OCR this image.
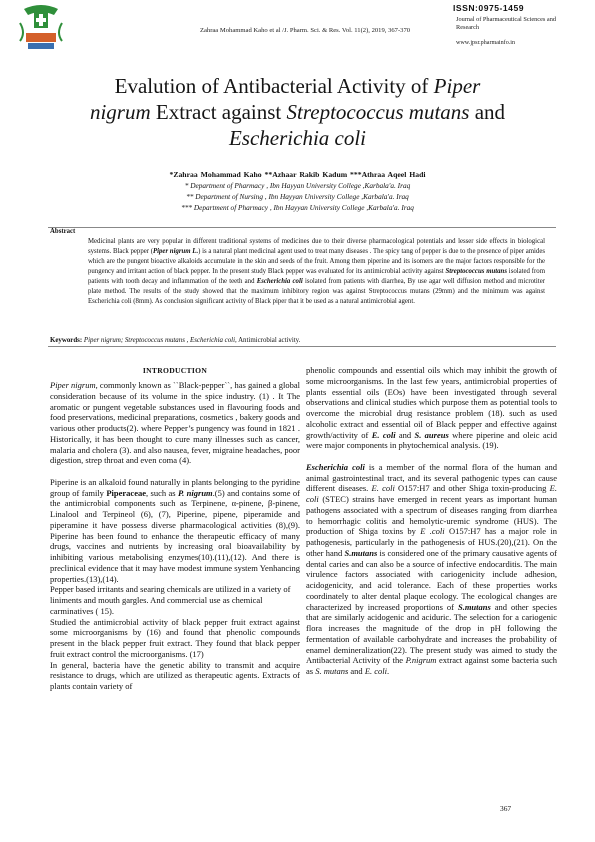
Zahraa Mohammad Kaho et al /J. Pharm. Sci. & Res. Vol. 11(2), 2019, 367-370
ISSN:0975-1459
Journal of Pharmaceutical Sciences and Research
www.jpsr.pharmainfo.in
Evalution of Antibacterial Activity of Piper
nigrum Extract against Streptococcus mutans and
Escherichia coli
*Zahraa Mohammad Kaho **Azhaar Rakib Kadum ***Athraa Aqeel Hadi
* Department of Pharmacy , Ibn Hayyan University College ,Karbala'a. Iraq
** Department of Nursing , Ibn Hayyan University College ,Karbala'a. Iraq
*** Department of Pharmacy , Ibn Hayyan University College ,Karbala'a. Iraq
Abstract
Medicinal plants are very popular in different traditional systems of medicines due to their diverse pharmacological potentials and lesser side effects in biological systems. Black pepper (Piper nigrum L.) is a natural plant medicinal agent used to treat many diseases . The spicy tang of pepper is due to the presence of piper amides which are the pungent bioactive alkaloids accumulate in the skin and seeds of the fruit. Among them piperine and its isomers are the major factors responsible for the pungency and irritant action of black pepper. In the present study Black pepper was evaluated for its antimicrobial activity against Streptococcus mutans isolated from patients with tooth decay and inflammation of the teeth and Escherichia coli isolated from patients with diarrhea, By use agar well diffusion method and microtiter plate method. The results of the study showed that the maximum inhibitory region was against Streptococcus mutans (29mm) and the minimum was against Escherichia coli (8mm). As conclusion significant activity of Black piper that it be used as a natural antimicrobial agent.
Keywords: Piper nigrum; Streptococcus mutans , Escherichia coli, Antimicrobial activity.
INTRODUCTION

Piper nigrum, commonly known as ``Black-pepper``, has gained a global consideration because of its volume in the spice industry. (1) . It The aromatic or pungent vegetable substances used in flavouring foods and food preservations, medicinal preparations, cosmetics , bakery goods and various other products(2). where Pepper’s pungency was found in 1821 . Historically, it has been thought to cure many illnesses such as cancer, malaria and cholera (3). and also nausea, fever, migraine headaches, poor digestion, strep throat and even coma (4).

Piperine is an alkaloid found naturally in plants belonging to the pyridine group of family Piperaceae, such as P. nigrum.(5) and contains some of the antimicrobial components such as Terpinene, α-pinene, β-pinene, Linalool and Terpineol (6), (7), Piperine, pipene, piperamide and piperamine it have possess diverse pharmacological activities (8),(9). Piperine has been found to enhance the therapeutic efficacy of many drugs, vaccines and nutrients by increasing oral bioavailability by inhibiting various metabolising enzymes(10).(11),(12). And there is preclinical evidence that it may have modest immune system Yenhancing properties.(13),(14).

Pepper based irritants and searing chemicals are utilized in a variety of liniments and mouth gargles. And commercial use as chemical carminatives ( 15).

Studied the antimicrobial activity of black pepper fruit extract against some microorganisms by (16) and found that phenolic compounds present in the black pepper fruit extract. They found that black pepper fruit extract control the microorganisms. (17)

In general, bacteria have the genetic ability to transmit and acquire resistance to drugs, which are utilized as therapeutic agents. Extracts of plants contain variety of

phenolic compounds and essential oils which may inhibit the growth of some microorganisms. In the last few years, antimicrobial properties of plants essential oils (EOs) have been investigated through several observations and clinical studies which purpose them as potential tools to overcome the microbial drug resistance problem (18). such as used alcoholic extract and essential oil of Black pepper and effective against growth/activity of E. coli and S. aureus where piperine and oleic acid were major components in phytochemical analysis. (19).

Escherichia coli is a member of the normal flora of the human and animal gastrointestinal tract, and its several pathogenic types can cause different diseases. E. coli O157:H7 and other Shiga toxin-producing E. coli (STEC) strains have emerged in recent years as important human pathogens associated with a spectrum of diseases ranging from diarrhea to hemorrhagic colitis and hemolytic-uremic syndrome (HUS). The production of Shiga toxins by E .coli O157:H7 has a major role in pathogenesis, particularly in the pathogenesis of HUS.(20),(21). On the other hand S.mutans is considered one of the primary causative agents of dental caries and can also be a source of infective endocarditis. The main virulence factors associated with cariogenicity include adhesion, acidogenicity, and acid tolerance. Each of these properties works coordinately to alter dental plaque ecology. The ecological changes are characterized by increased proportions of S.mutans and other species that are similarly acidogenic and aciduric. The selection for a cariogenic flora increases the magnitude of the drop in pH following the fermentation of available carbohydrate and increases the probability of enamel demineralization(22). The present study was aimed to study the Antibacterial Activity of the P.nigrum extract against some bacteria such as S. mutans and E. coli.

367
